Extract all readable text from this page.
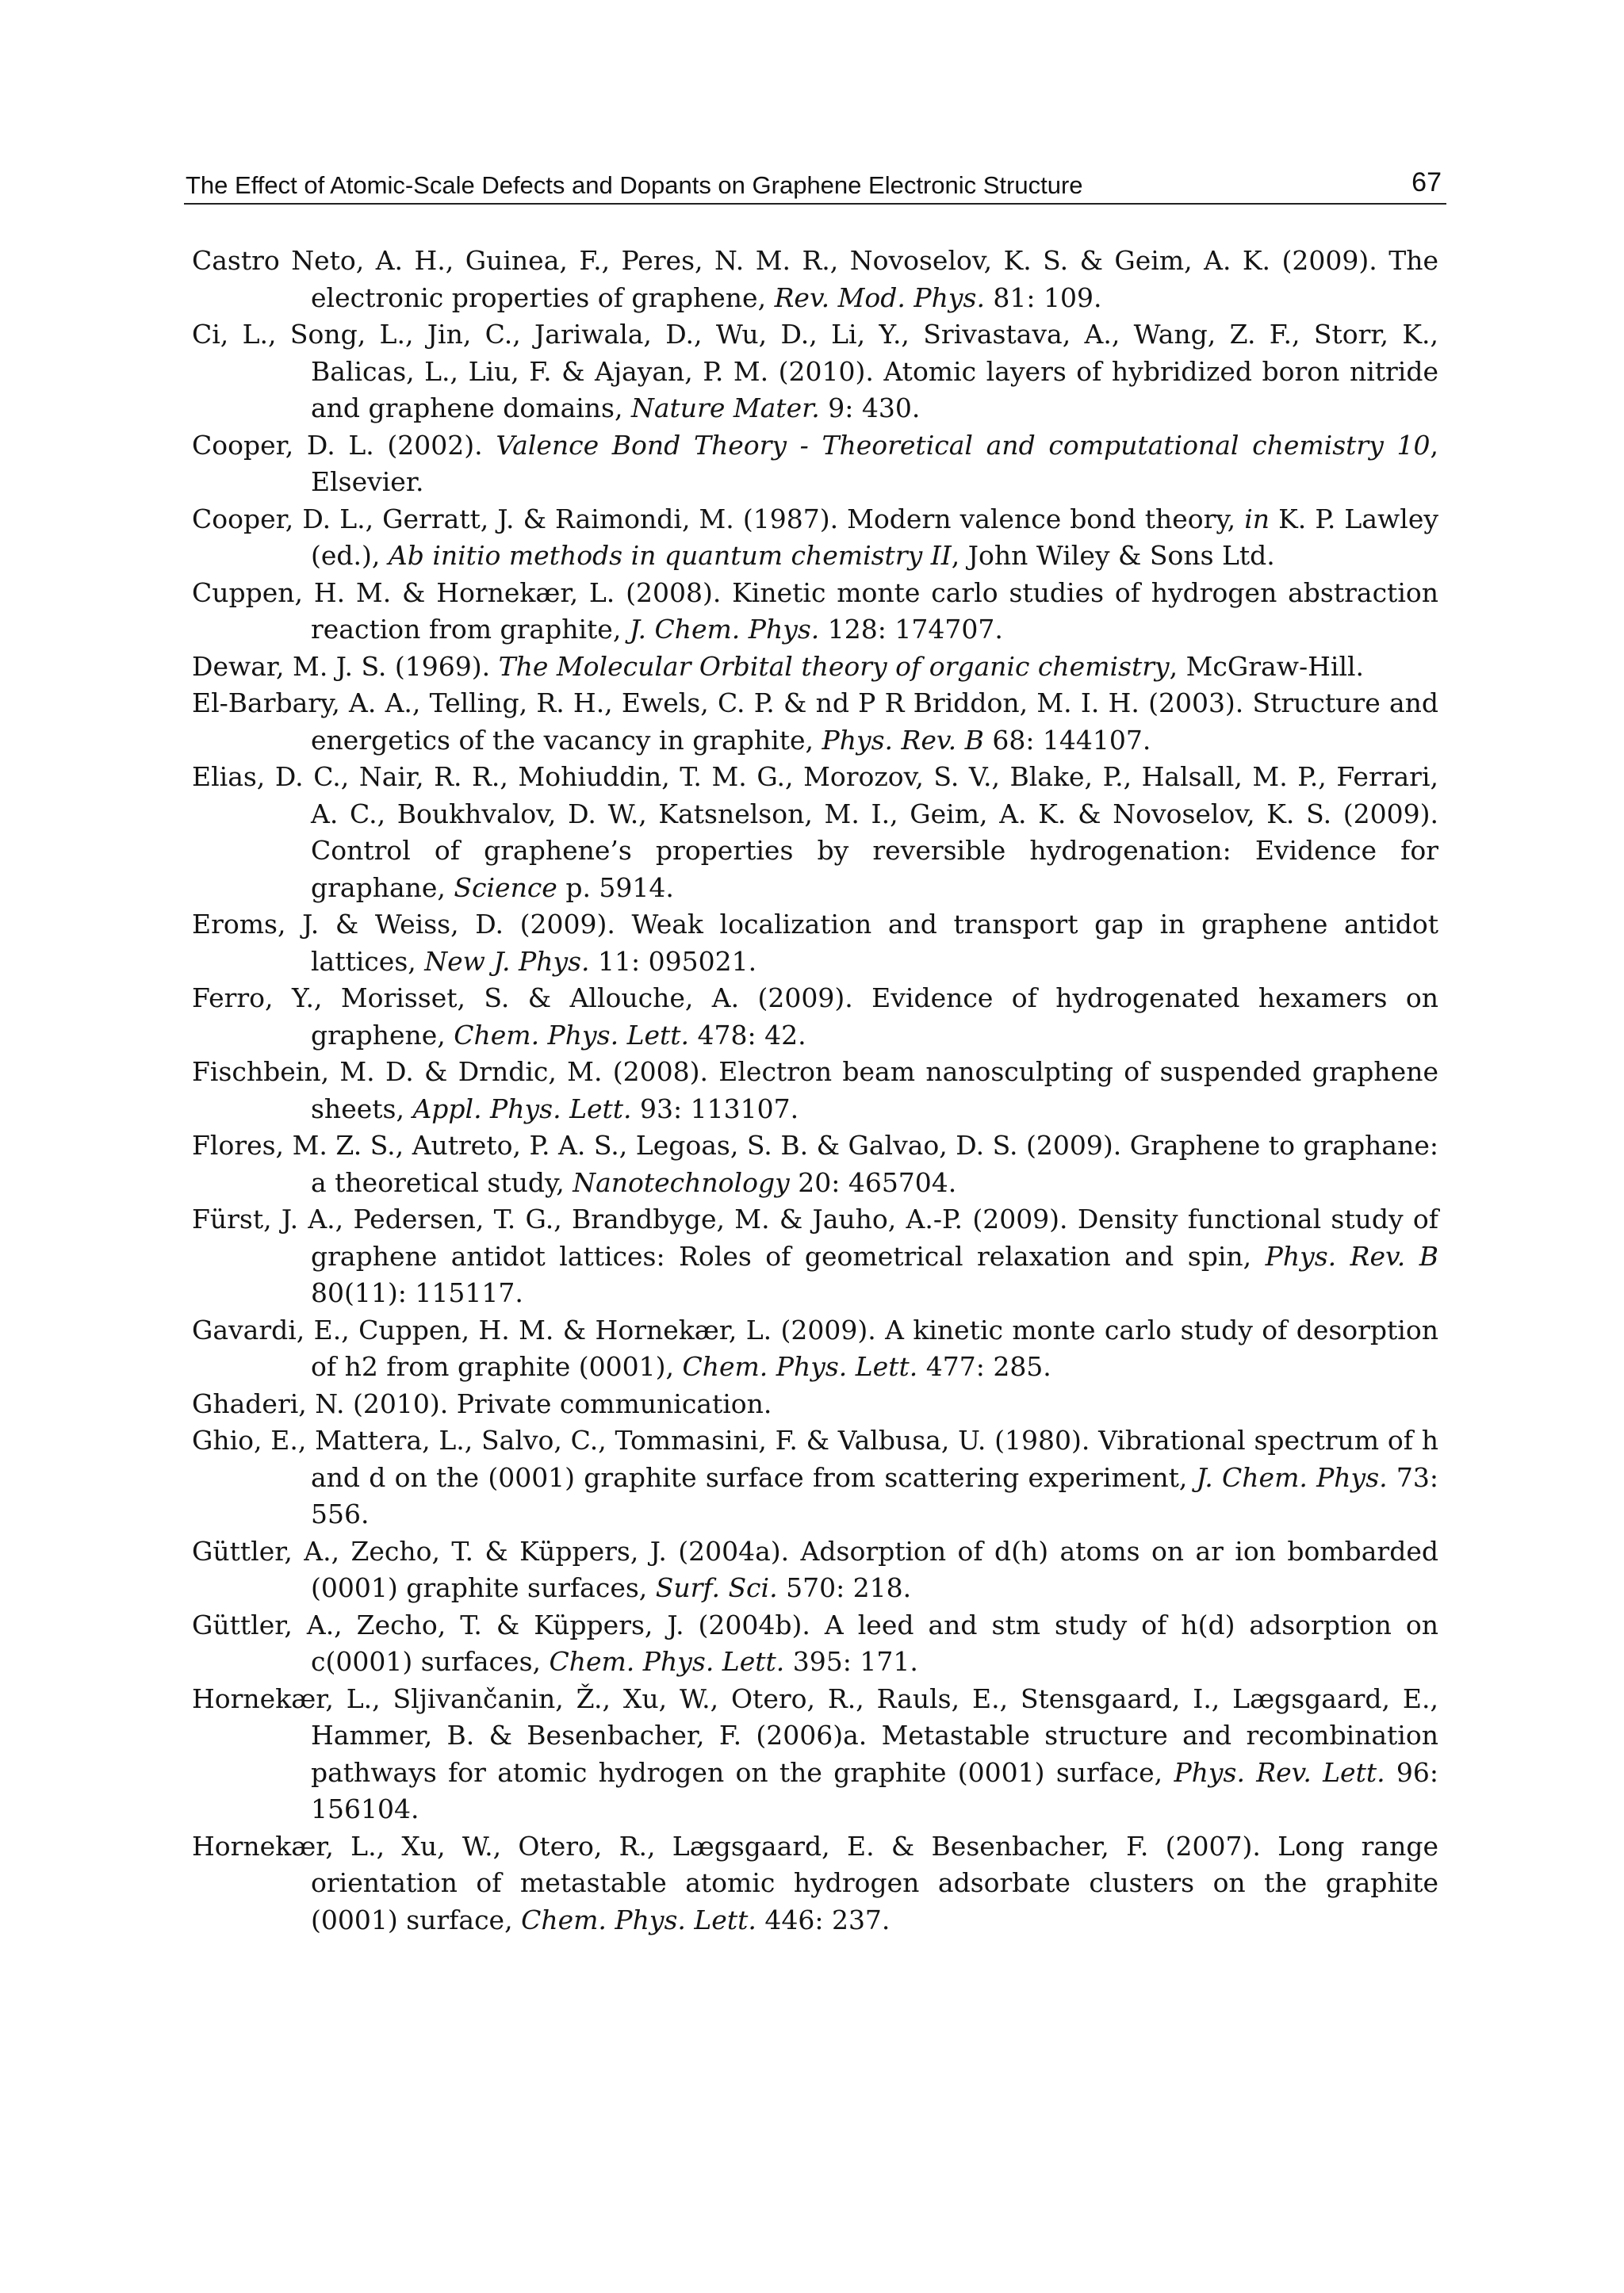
The Effect of Atomic-Scale Defects and Dopants on Graphene Electronic Structure	67

Castro Neto, A. H., Guinea, F., Peres, N. M. R., Novoselov, K. S. & Geim, A. K. (2009). The electronic properties of graphene, Rev. Mod. Phys. 81: 109.

Ci, L., Song, L., Jin, C., Jariwala, D., Wu, D., Li, Y., Srivastava, A., Wang, Z. F., Storr, K., Balicas, L., Liu, F. & Ajayan, P. M. (2010). Atomic layers of hybridized boron nitride and graphene domains, Nature Mater. 9: 430.

Cooper, D. L. (2002). Valence Bond Theory - Theoretical and computational chemistry 10, Elsevier.

Cooper, D. L., Gerratt, J. & Raimondi, M. (1987). Modern valence bond theory, in K. P. Lawley (ed.), Ab initio methods in quantum chemistry II, John Wiley & Sons Ltd.

Cuppen, H. M. & Hornekær, L. (2008). Kinetic monte carlo studies of hydrogen abstraction reaction from graphite, J. Chem. Phys. 128: 174707.

Dewar, M. J. S. (1969). The Molecular Orbital theory of organic chemistry, McGraw-Hill.

El-Barbary, A. A., Telling, R. H., Ewels, C. P. & nd P R Briddon, M. I. H. (2003). Structure and energetics of the vacancy in graphite, Phys. Rev. B 68: 144107.

Elias, D. C., Nair, R. R., Mohiuddin, T. M. G., Morozov, S. V., Blake, P., Halsall, M. P., Ferrari, A. C., Boukhvalov, D. W., Katsnelson, M. I., Geim, A. K. & Novoselov, K. S. (2009). Control of graphene’s properties by reversible hydrogenation: Evidence for graphane, Science p. 5914.

Eroms, J. & Weiss, D. (2009). Weak localization and transport gap in graphene antidot lattices, New J. Phys. 11: 095021.

Ferro, Y., Morisset, S. & Allouche, A. (2009). Evidence of hydrogenated hexamers on graphene, Chem. Phys. Lett. 478: 42.

Fischbein, M. D. & Drndic, M. (2008). Electron beam nanosculpting of suspended graphene sheets, Appl. Phys. Lett. 93: 113107.

Flores, M. Z. S., Autreto, P. A. S., Legoas, S. B. & Galvao, D. S. (2009). Graphene to graphane: a theoretical study, Nanotechnology 20: 465704.

Fürst, J. A., Pedersen, T. G., Brandbyge, M. & Jauho, A.-P. (2009). Density functional study of graphene antidot lattices: Roles of geometrical relaxation and spin, Phys. Rev. B 80(11): 115117.

Gavardi, E., Cuppen, H. M. & Hornekær, L. (2009). A kinetic monte carlo study of desorption of h2 from graphite (0001), Chem. Phys. Lett. 477: 285.

Ghaderi, N. (2010). Private communication.

Ghio, E., Mattera, L., Salvo, C., Tommasini, F. & Valbusa, U. (1980). Vibrational spectrum of h and d on the (0001) graphite surface from scattering experiment, J. Chem. Phys. 73: 556.

Güttler, A., Zecho, T. & Küppers, J. (2004a). Adsorption of d(h) atoms on ar ion bombarded (0001) graphite surfaces, Surf. Sci. 570: 218.

Güttler, A., Zecho, T. & Küppers, J. (2004b). A leed and stm study of h(d) adsorption on c(0001) surfaces, Chem. Phys. Lett. 395: 171.

Hornekær, L., Sljivančanin, Ž., Xu, W., Otero, R., Rauls, E., Stensgaard, I., Lægsgaard, E., Hammer, B. & Besenbacher, F. (2006)a. Metastable structure and recombination pathways for atomic hydrogen on the graphite (0001) surface, Phys. Rev. Lett. 96: 156104.

Hornekær, L., Xu, W., Otero, R., Lægsgaard, E. & Besenbacher, F. (2007). Long range orientation of metastable atomic hydrogen adsorbate clusters on the graphite (0001) surface, Chem. Phys. Lett. 446: 237.
